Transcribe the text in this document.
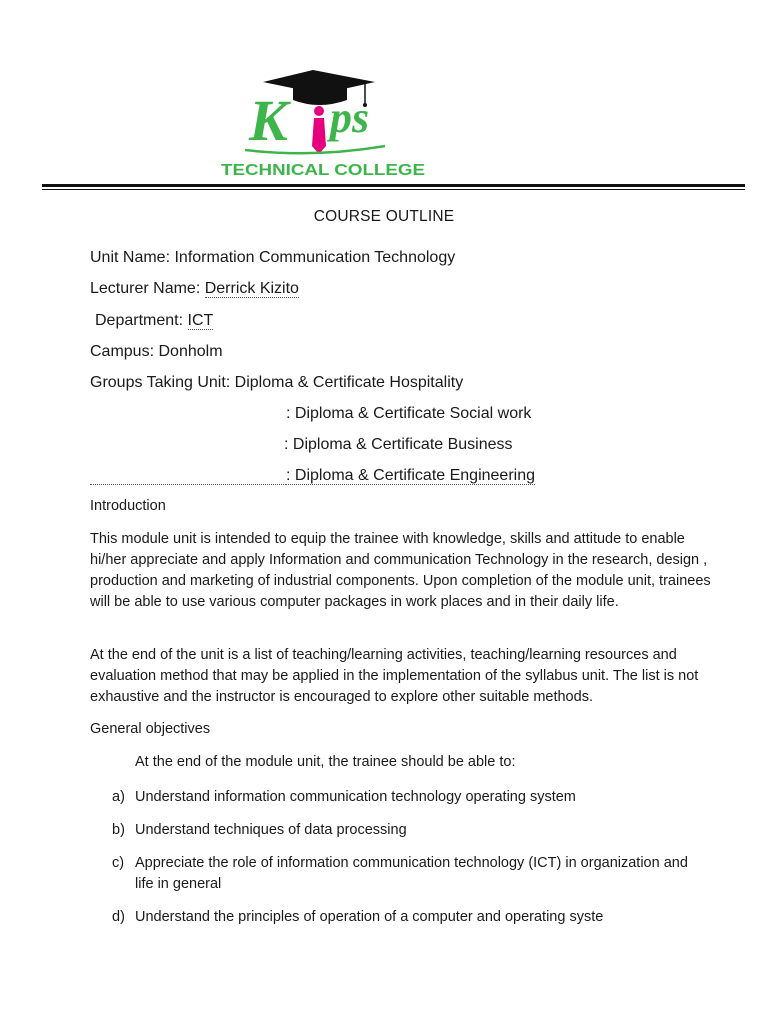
K ps
TECHNICAL COLLEGE
COURSE OUTLINE
Unit Name: Information Communication Technology
Lecturer Name: Derrick Kizito
Department: ICT
Campus: Donholm
Groups Taking Unit: Diploma & Certificate Hospitality
: Diploma & Certificate Social work
: Diploma & Certificate Business
: Diploma & Certificate Engineering
Introduction

This module unit is intended to equip the trainee with knowledge, skills and attitude to enable hi/her appreciate and apply Information and communication Technology in the research, design , production and marketing of industrial components. Upon completion of the module unit, trainees will be able to use various computer packages in work places and in their daily life.

At the end of the unit is a list of teaching/learning activities, teaching/learning resources and evaluation method that may be applied in the implementation of the syllabus unit. The list is not exhaustive and the instructor is encouraged to explore other suitable methods.

General objectives
At the end of the module unit, the trainee should be able to:
a) Understand information communication technology operating system
b) Understand techniques of data processing
c) Appreciate the role of information communication technology (ICT) in organization and life in general
d) Understand the principles of operation of a computer and operating syste
